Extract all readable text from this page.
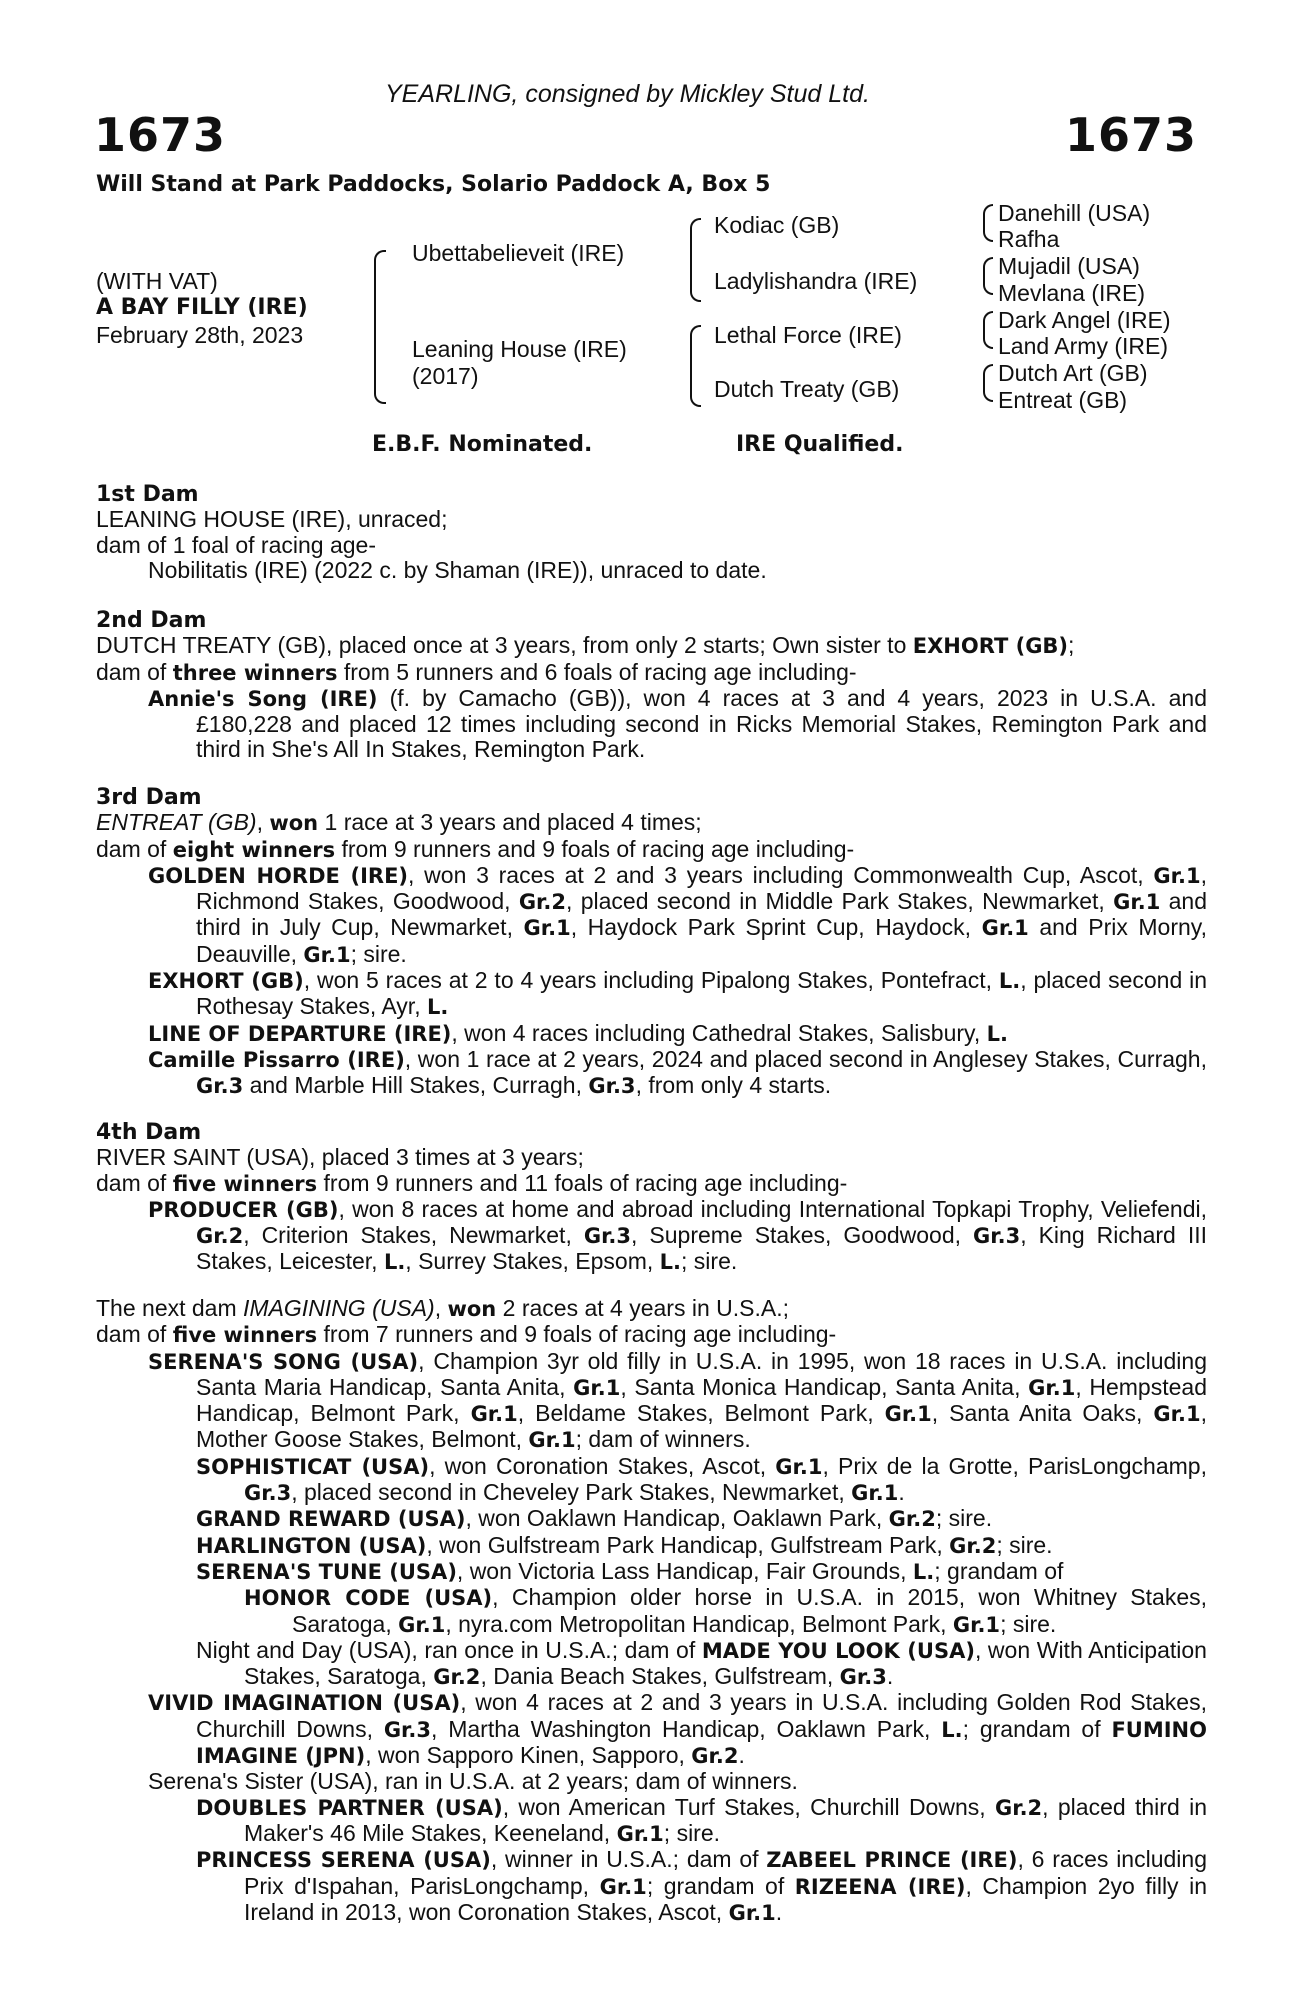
YEARLING, consigned by Mickley Stud Ltd.
1673	1673
Will Stand at Park Paddocks, Solario Paddock A, Box 5
(WITH VAT)
A BAY FILLY (IRE)
February 28th, 2023
Ubettabelieveit (IRE)
Leaning House (IRE)
(2017)
Kodiac (GB)
Ladylishandra (IRE)
Lethal Force (IRE)
Dutch Treaty (GB)
Danehill (USA)
Rafha
Mujadil (USA)
Mevlana (IRE)
Dark Angel (IRE)
Land Army (IRE)
Dutch Art (GB)
Entreat (GB)
E.B.F. Nominated.	IRE Qualified.

1st Dam

LEANING HOUSE (IRE), unraced;

dam of 1 foal of racing age-

Nobilitatis (IRE) (2022 c. by Shaman (IRE)), unraced to date.

2nd Dam

DUTCH TREATY (GB), placed once at 3 years, from only 2 starts; Own sister to EXHORT (GB);

dam of three winners from 5 runners and 6 foals of racing age including-

Annie's Song (IRE) (f. by Camacho (GB)), won 4 races at 3 and 4 years, 2023 in U.S.A. and £180,228 and placed 12 times including second in Ricks Memorial Stakes, Remington Park and third in She's All In Stakes, Remington Park.

3rd Dam

ENTREAT (GB), won 1 race at 3 years and placed 4 times;

dam of eight winners from 9 runners and 9 foals of racing age including-

GOLDEN HORDE (IRE), won 3 races at 2 and 3 years including Commonwealth Cup, Ascot, Gr.1, Richmond Stakes, Goodwood, Gr.2, placed second in Middle Park Stakes, Newmarket, Gr.1 and third in July Cup, Newmarket, Gr.1, Haydock Park Sprint Cup, Haydock, Gr.1 and Prix Morny, Deauville, Gr.1; sire.

EXHORT (GB), won 5 races at 2 to 4 years including Pipalong Stakes, Pontefract, L., placed second in Rothesay Stakes, Ayr, L.

LINE OF DEPARTURE (IRE), won 4 races including Cathedral Stakes, Salisbury, L.

Camille Pissarro (IRE), won 1 race at 2 years, 2024 and placed second in Anglesey Stakes, Curragh, Gr.3 and Marble Hill Stakes, Curragh, Gr.3, from only 4 starts.

4th Dam

RIVER SAINT (USA), placed 3 times at 3 years;

dam of five winners from 9 runners and 11 foals of racing age including-

PRODUCER (GB), won 8 races at home and abroad including International Topkapi Trophy, Veliefendi, Gr.2, Criterion Stakes, Newmarket, Gr.3, Supreme Stakes, Goodwood, Gr.3, King Richard III Stakes, Leicester, L., Surrey Stakes, Epsom, L.; sire.

The next dam IMAGINING (USA), won 2 races at 4 years in U.S.A.;

dam of five winners from 7 runners and 9 foals of racing age including-

SERENA'S SONG (USA), Champion 3yr old filly in U.S.A. in 1995, won 18 races in U.S.A. including Santa Maria Handicap, Santa Anita, Gr.1, Santa Monica Handicap, Santa Anita, Gr.1, Hempstead Handicap, Belmont Park, Gr.1, Beldame Stakes, Belmont Park, Gr.1, Santa Anita Oaks, Gr.1, Mother Goose Stakes, Belmont, Gr.1; dam of winners.

SOPHISTICAT (USA), won Coronation Stakes, Ascot, Gr.1, Prix de la Grotte, ParisLongchamp, Gr.3, placed second in Cheveley Park Stakes, Newmarket, Gr.1.

GRAND REWARD (USA), won Oaklawn Handicap, Oaklawn Park, Gr.2; sire.

HARLINGTON (USA), won Gulfstream Park Handicap, Gulfstream Park, Gr.2; sire.

SERENA'S TUNE (USA), won Victoria Lass Handicap, Fair Grounds, L.; grandam of

HONOR CODE (USA), Champion older horse in U.S.A. in 2015, won Whitney Stakes, Saratoga, Gr.1, nyra.com Metropolitan Handicap, Belmont Park, Gr.1; sire.

Night and Day (USA), ran once in U.S.A.; dam of MADE YOU LOOK (USA), won With Anticipation Stakes, Saratoga, Gr.2, Dania Beach Stakes, Gulfstream, Gr.3.

VIVID IMAGINATION (USA), won 4 races at 2 and 3 years in U.S.A. including Golden Rod Stakes, Churchill Downs, Gr.3, Martha Washington Handicap, Oaklawn Park, L.; grandam of FUMINO IMAGINE (JPN), won Sapporo Kinen, Sapporo, Gr.2.

Serena's Sister (USA), ran in U.S.A. at 2 years; dam of winners.

DOUBLES PARTNER (USA), won American Turf Stakes, Churchill Downs, Gr.2, placed third in Maker's 46 Mile Stakes, Keeneland, Gr.1; sire.

PRINCESS SERENA (USA), winner in U.S.A.; dam of ZABEEL PRINCE (IRE), 6 races including Prix d'Ispahan, ParisLongchamp, Gr.1; grandam of RIZEENA (IRE), Champion 2yo filly in Ireland in 2013, won Coronation Stakes, Ascot, Gr.1.
